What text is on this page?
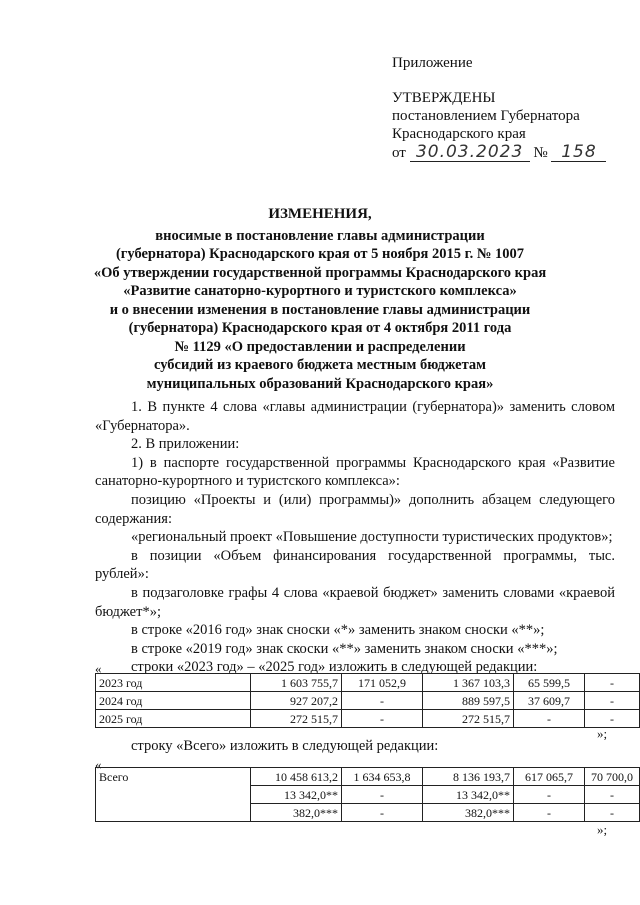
Приложение
УТВЕРЖДЕНЫ
постановлением Губернатора
Краснодарского края
от 30.03.2023 № 158
ИЗМЕНЕНИЯ,
вносимые в постановление главы администрации
(губернатора) Краснодарского края от 5 ноября 2015 г. № 1007
«Об утверждении государственной программы Краснодарского края
«Развитие санаторно-курортного и туристского комплекса»
и о внесении изменения в постановление главы администрации
(губернатора) Краснодарского края от 4 октября 2011 года
№ 1129 «О предоставлении и распределении
субсидий из краевого бюджета местным бюджетам
муниципальных образований Краснодарского края»

1. В пункте 4 слова «главы администрации (губернатора)» заменить словом «Губернатора».

2. В приложении:

1) в паспорте государственной программы Краснодарского края «Развитие санаторно-курортного и туристского комплекса»:

позицию «Проекты и (или) программы)» дополнить абзацем следующего содержания:

«региональный проект «Повышение доступности туристических продуктов»;

в позиции «Объем финансирования государственной программы, тыс. рублей»:

в подзаголовке графы 4 слова «краевой бюджет» заменить словами «краевой бюджет*»;

в строке «2016 год» знак сноски «*» заменить знаком сноски «**»;

в строке «2019 год» знак скоски «**» заменить знаком сноски «***»;

строки «2023 год» – «2025 год» изложить в следующей редакции:

«
2023 год	1 603 755,7	171 052,9	1 367 103,3	65 599,5	-
2024 год	927 207,2	-	889 597,5	37 609,7	-
2025 год	272 515,7	-	272 515,7	-	-
»;
строку «Всего» изложить в следующей редакции:
«
Всего	10 458 613,2	1 634 653,8	8 136 193,7	617 065,7	70 700,0
	13 342,0**	-	13 342,0**	-	-
	382,0***	-	382,0***	-	-
»;
